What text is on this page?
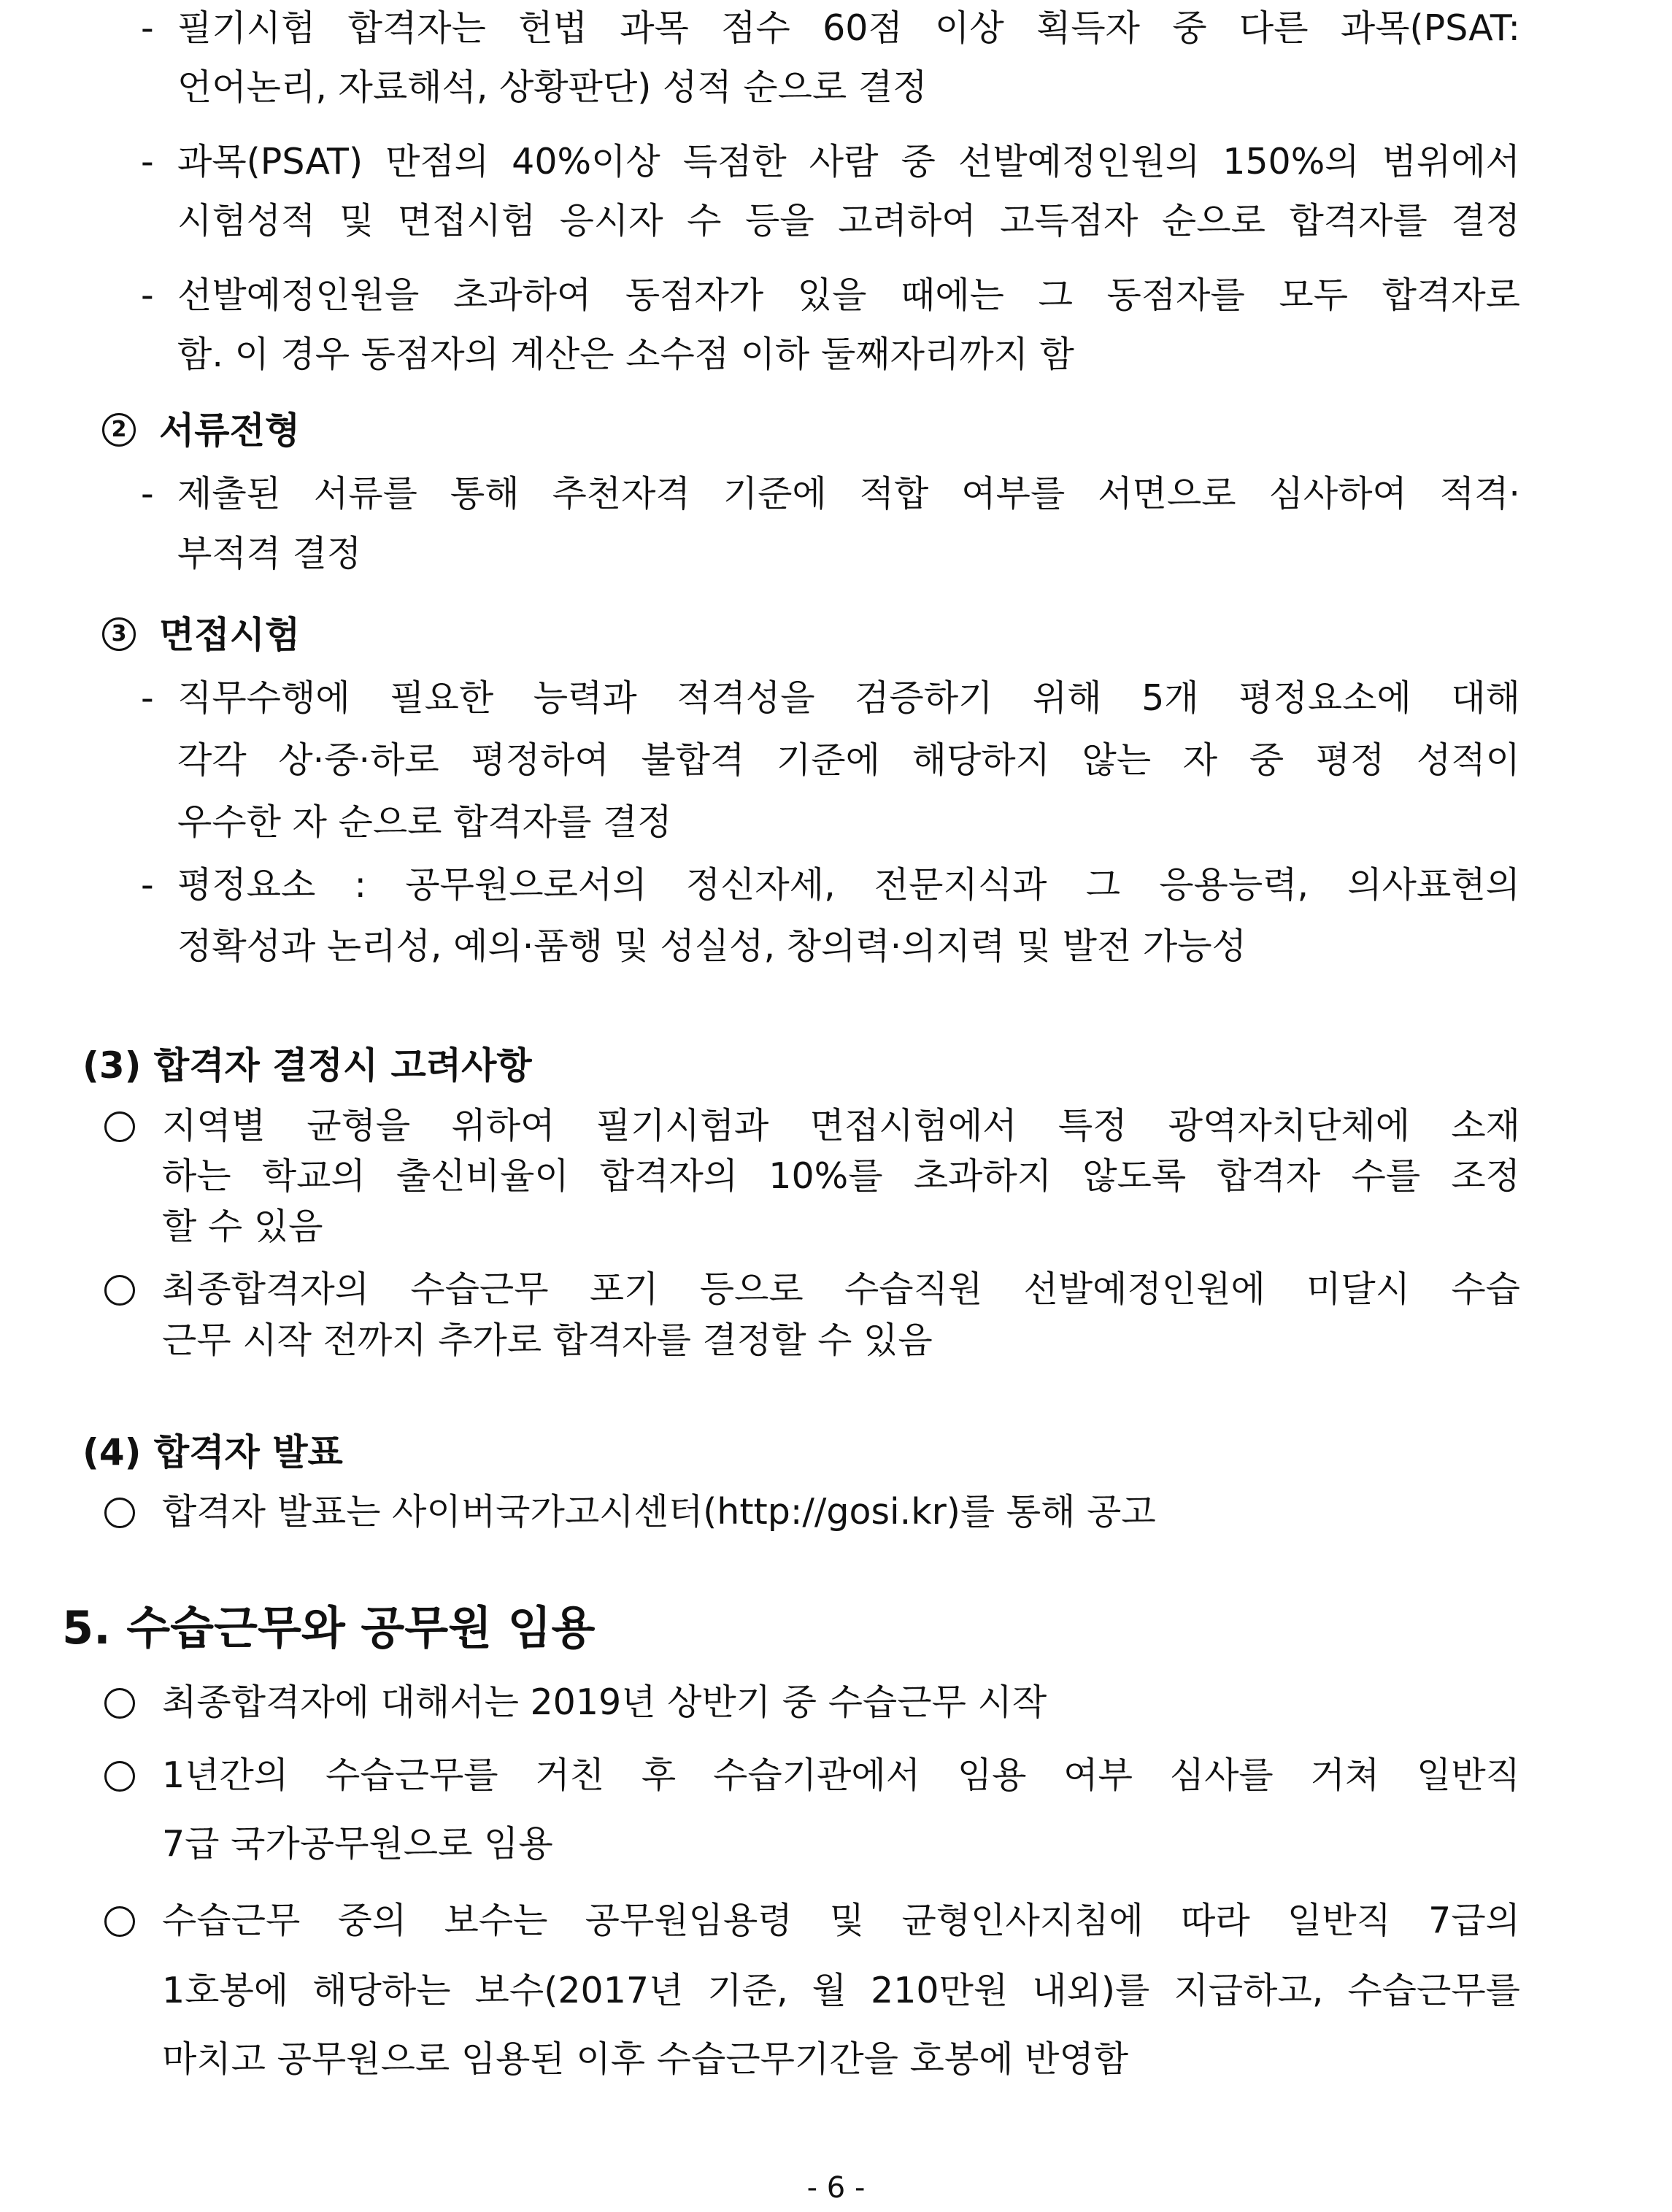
- 필기시험 합격자는 헌법 과목 점수 60점 이상 획득자 중 다른 과목(PSAT:
언어논리, 자료해석, 상황판단) 성적 순으로 결정
- 과목(PSAT) 만점의 40%이상 득점한 사람 중 선발예정인원의 150%의 범위에서
시험성적 및 면접시험 응시자 수 등을 고려하여 고득점자 순으로 합격자를 결정
- 선발예정인원을 초과하여 동점자가 있을 때에는 그 동점자를 모두 합격자로
함. 이 경우 동점자의 계산은 소수점 이하 둘째자리까지 함
2 서류전형
- 제출된 서류를 통해 추천자격 기준에 적합 여부를 서면으로 심사하여 적격·
부적격 결정
3 면접시험
- 직무수행에 필요한 능력과 적격성을 검증하기 위해 5개 평정요소에 대해
각각 상·중·하로 평정하여 불합격 기준에 해당하지 않는 자 중 평정 성적이
우수한 자 순으로 합격자를 결정
- 평정요소 : 공무원으로서의 정신자세, 전문지식과 그 응용능력, 의사표현의
정확성과 논리성, 예의·품행 및 성실성, 창의력·의지력 및 발전 가능성
(3) 합격자 결정시 고려사항
지역별 균형을 위하여 필기시험과 면접시험에서 특정 광역자치단체에 소재
하는 학교의 출신비율이 합격자의 10%를 초과하지 않도록 합격자 수를 조정
할 수 있음
최종합격자의 수습근무 포기 등으로 수습직원 선발예정인원에 미달시 수습
근무 시작 전까지 추가로 합격자를 결정할 수 있음
(4) 합격자 발표
합격자 발표는 사이버국가고시센터(http://gosi.kr)를 통해 공고
5. 수습근무와 공무원 임용
최종합격자에 대해서는 2019년 상반기 중 수습근무 시작
1년간의 수습근무를 거친 후 수습기관에서 임용 여부 심사를 거쳐 일반직
7급 국가공무원으로 임용
수습근무 중의 보수는 공무원임용령 및 균형인사지침에 따라 일반직 7급의
1호봉에 해당하는 보수(2017년 기준, 월 210만원 내외)를 지급하고, 수습근무를
마치고 공무원으로 임용된 이후 수습근무기간을 호봉에 반영함
- 6 -
